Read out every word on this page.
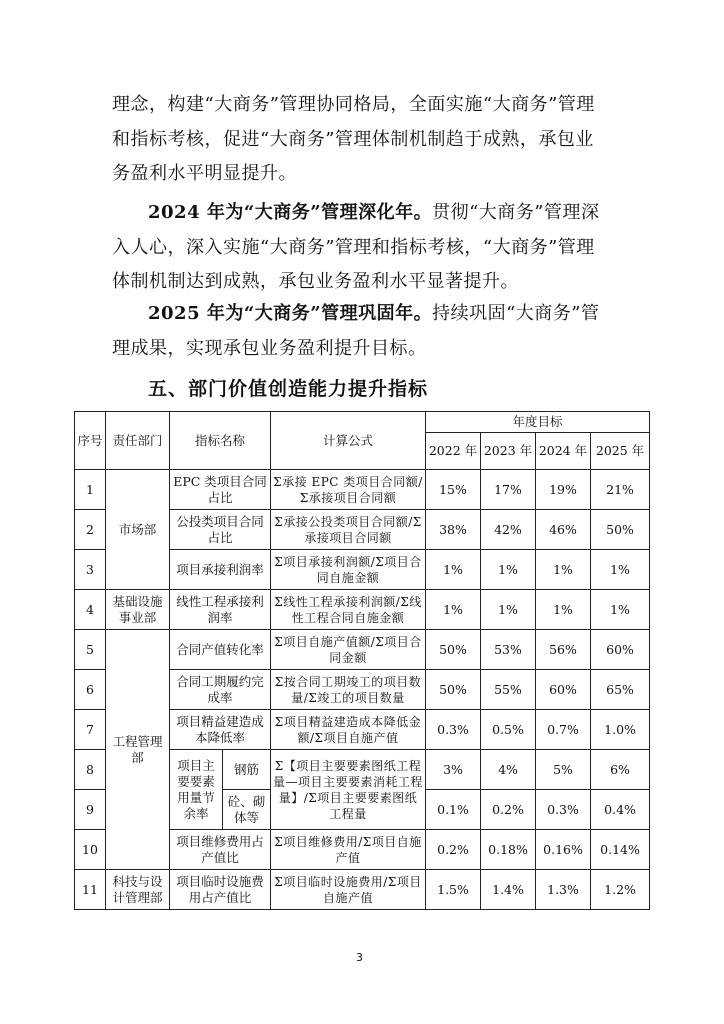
理念，构建“大商务”管理协同格局，全面实施“大商务”管理和指标考核，促进“大商务”管理体制机制趋于成熟，承包业务盈利水平明显提升。

2024 年为“大商务”管理深化年。贯彻“大商务”管理深入人心，深入实施“大商务”管理和指标考核，“大商务”管理体制机制达到成熟，承包业务盈利水平显著提升。

2025 年为“大商务”管理巩固年。持续巩固“大商务”管理成果，实现承包业务盈利提升目标。

五、部门价值创造能力提升指标
序号	责任部门	指标名称		计算公式	年度目标			
					2022 年	2023 年	2024 年	2025 年
1	市场部	EPC 类项目合同占比		Σ承接 EPC 类项目合同额/Σ承接项目合同额	15%	17%	19%	21%
2		公投类项目合同占比		Σ承接公投类项目合同额/Σ承接项目合同额	38%	42%	46%	50%
3		项目承接利润率		Σ项目承接利润额/Σ项目合同自施金额	1%	1%	1%	1%
4	基础设施事业部	线性工程承接利润率		Σ线性工程承接利润额/Σ线性工程合同自施金额	1%	1%	1%	1%
5	工程管理部	合同产值转化率		Σ项目自施产值额/Σ项目合同金额	50%	53%	56%	60%
6		合同工期履约完成率		Σ按合同工期竣工的项目数量/Σ竣工的项目数量	50%	55%	60%	65%
7		项目精益建造成本降低率		Σ项目精益建造成本降低金额/Σ项目自施产值	0.3%	0.5%	0.7%	1.0%
8		项目主要要素用量节余率	钢筋	Σ【项目主要要素图纸工程量—项目主要要素消耗工程量】/Σ项目主要要素图纸工程量	3%	4%	5%	6%
9			砼、砌体等		0.1%	0.2%	0.3%	0.4%
10		项目维修费用占产值比		Σ项目维修费用/Σ项目自施产值	0.2%	0.18%	0.16%	0.14%
11	科技与设计管理部	项目临时设施费用占产值比		Σ项目临时设施费用/Σ项目自施产值	1.5%	1.4%	1.3%	1.2%
3
